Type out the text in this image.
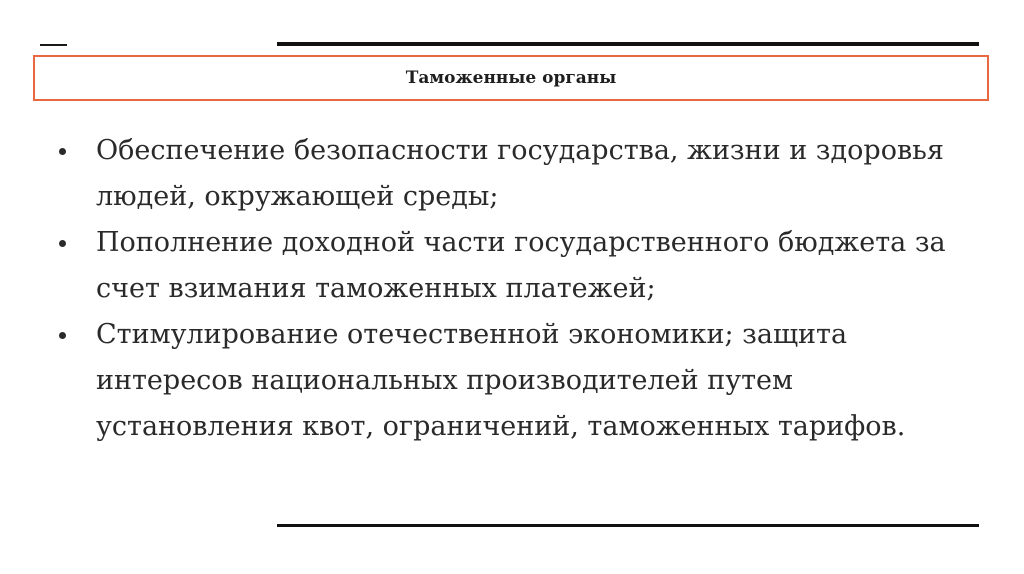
Таможенные органы
Обеспечение безопасности государства, жизни и здоровья людей, окружающей среды;
Пополнение доходной части государственного бюджета за счет взимания таможенных платежей;
Стимулирование отечественной экономики; защита интересов национальных производителей путем установления квот, ограничений, таможенных тарифов.
